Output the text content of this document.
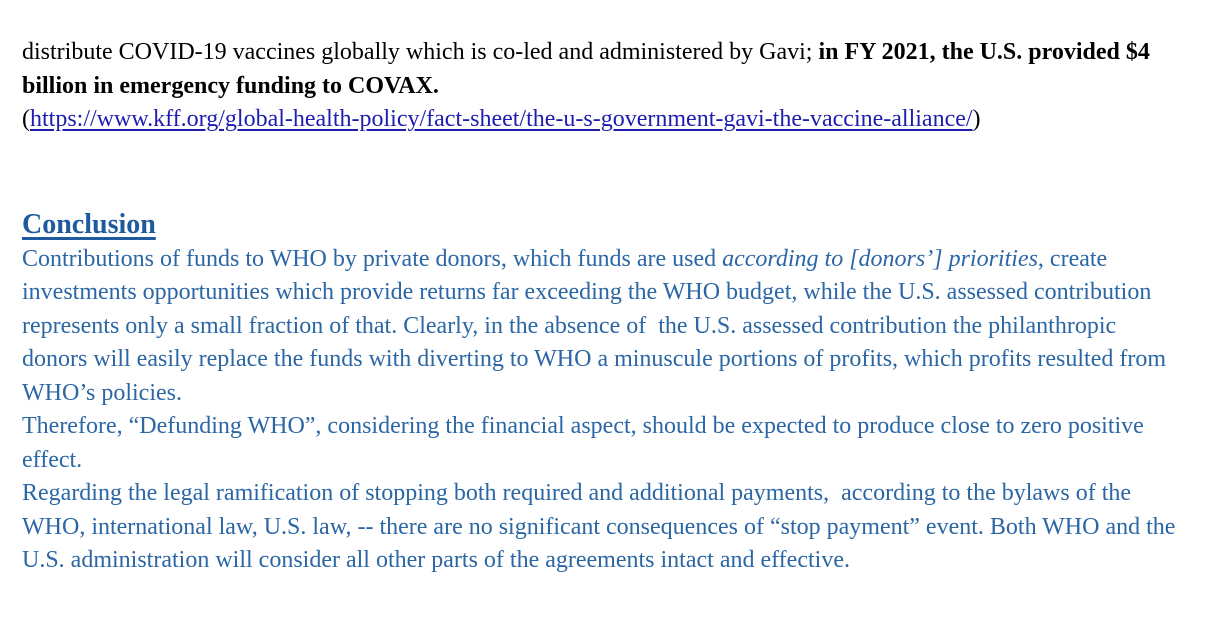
distribute COVID-19 vaccines globally which is co-led and administered by Gavi; in FY 2021, the U.S. provided $4 billion in emergency funding to COVAX.

(https://www.kff.org/global-health-policy/fact-sheet/the-u-s-government-gavi-the-vaccine-alliance/)

Conclusion

Contributions of funds to WHO by private donors, which funds are used according to [donors’] priorities, create investments opportunities which provide returns far exceeding the WHO budget, while the U.S. assessed contribution represents only a small fraction of that. Clearly, in the absence of  the U.S. assessed contribution the philanthropic donors will easily replace the funds with diverting to WHO a minuscule portions of profits, which profits resulted from WHO’s policies.

Therefore, “Defunding WHO”, considering the financial aspect, should be expected to produce close to zero positive effect.

Regarding the legal ramification of stopping both required and additional payments,  according to the bylaws of the WHO, international law, U.S. law, -- there are no significant consequences of “stop payment” event. Both WHO and the U.S. administration will consider all other parts of the agreements intact and effective.
